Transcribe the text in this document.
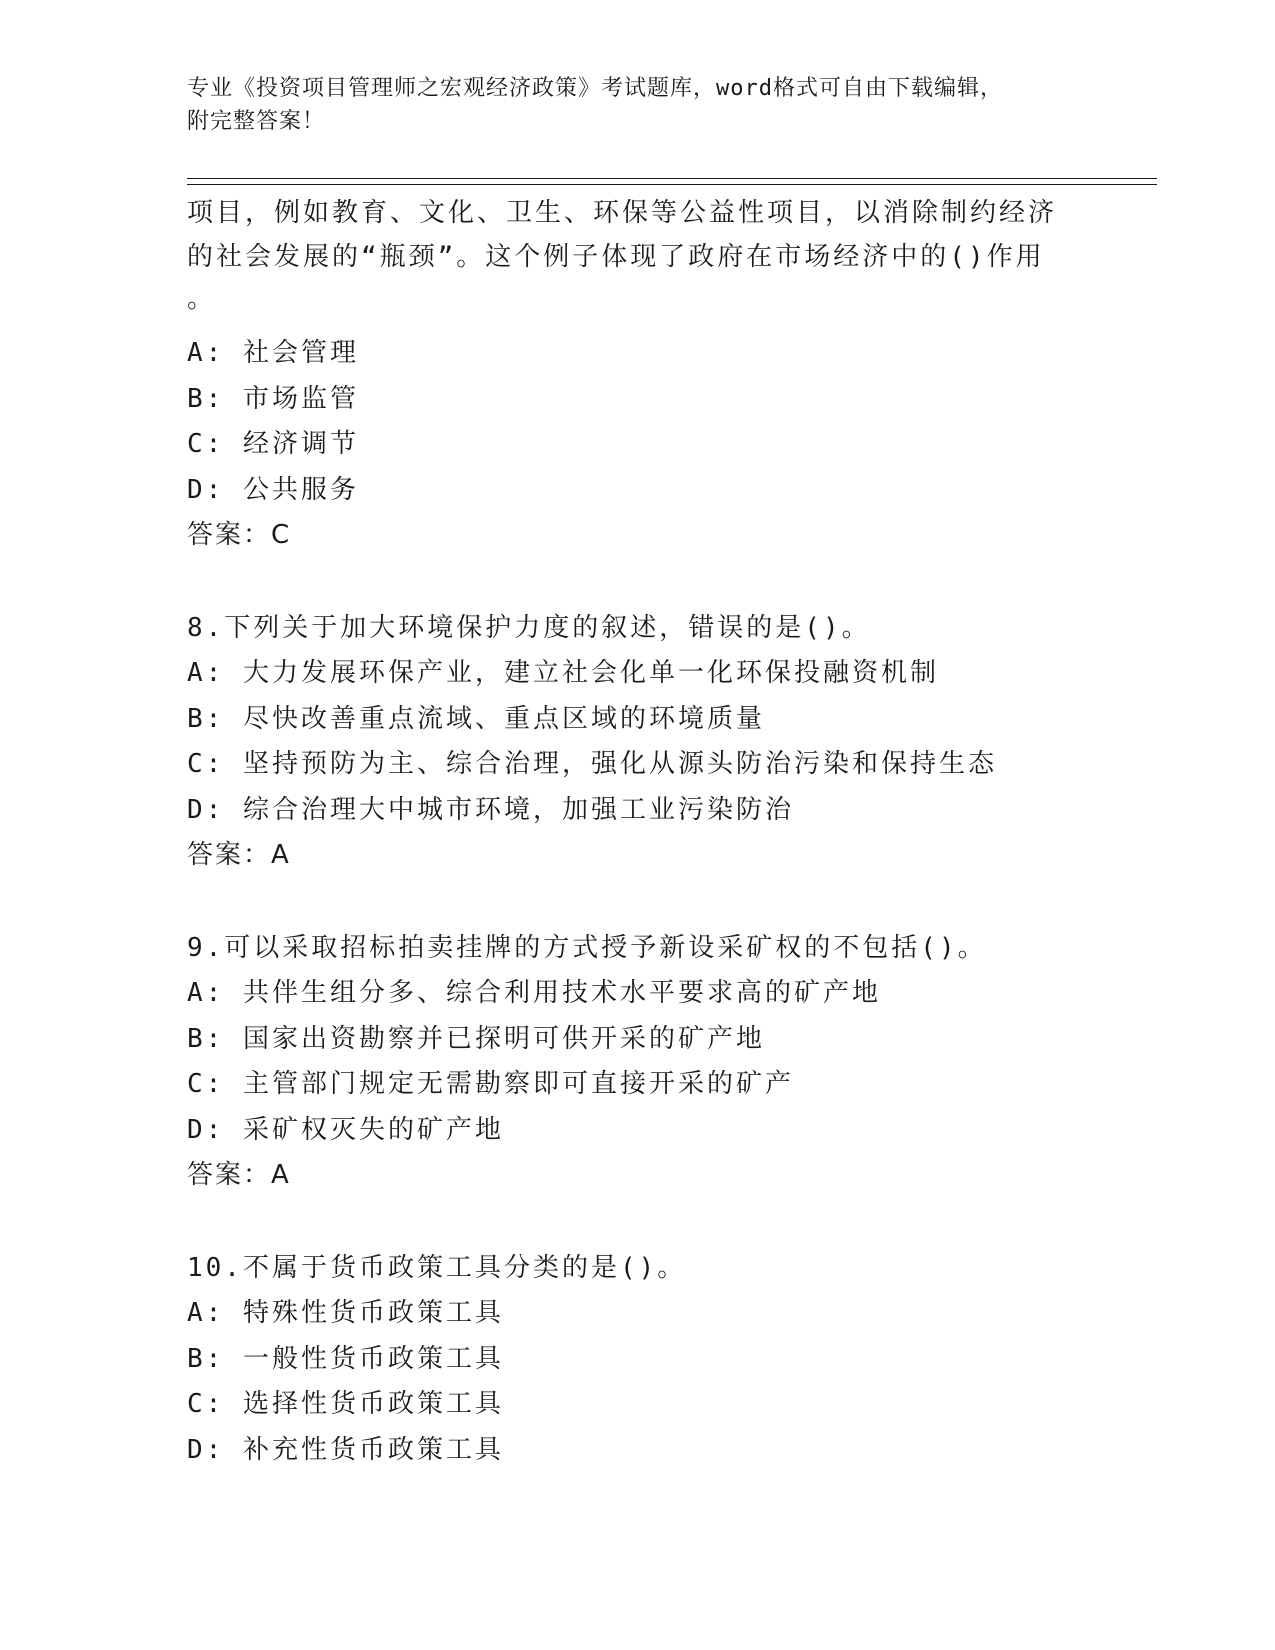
专业《投资项目管理师之宏观经济政策》考试题库，word格式可自由下载编辑，
附完整答案！
项目，例如教育、文化、卫生、环保等公益性项目，以消除制约经济
的社会发展的“瓶颈”。这个例子体现了政府在市场经济中的()作用
。
A: 社会管理
B: 市场监管
C: 经济调节
D: 公共服务
答案：C
8.下列关于加大环境保护力度的叙述，错误的是()。
A: 大力发展环保产业，建立社会化单一化环保投融资机制
B: 尽快改善重点流域、重点区域的环境质量
C: 坚持预防为主、综合治理，强化从源头防治污染和保持生态
D: 综合治理大中城市环境，加强工业污染防治
答案：A
9.可以采取招标拍卖挂牌的方式授予新设采矿权的不包括()。
A: 共伴生组分多、综合利用技术水平要求高的矿产地
B: 国家出资勘察并已探明可供开采的矿产地
C: 主管部门规定无需勘察即可直接开采的矿产
D: 采矿权灭失的矿产地
答案：A
10.不属于货币政策工具分类的是()。
A: 特殊性货币政策工具
B: 一般性货币政策工具
C: 选择性货币政策工具
D: 补充性货币政策工具
